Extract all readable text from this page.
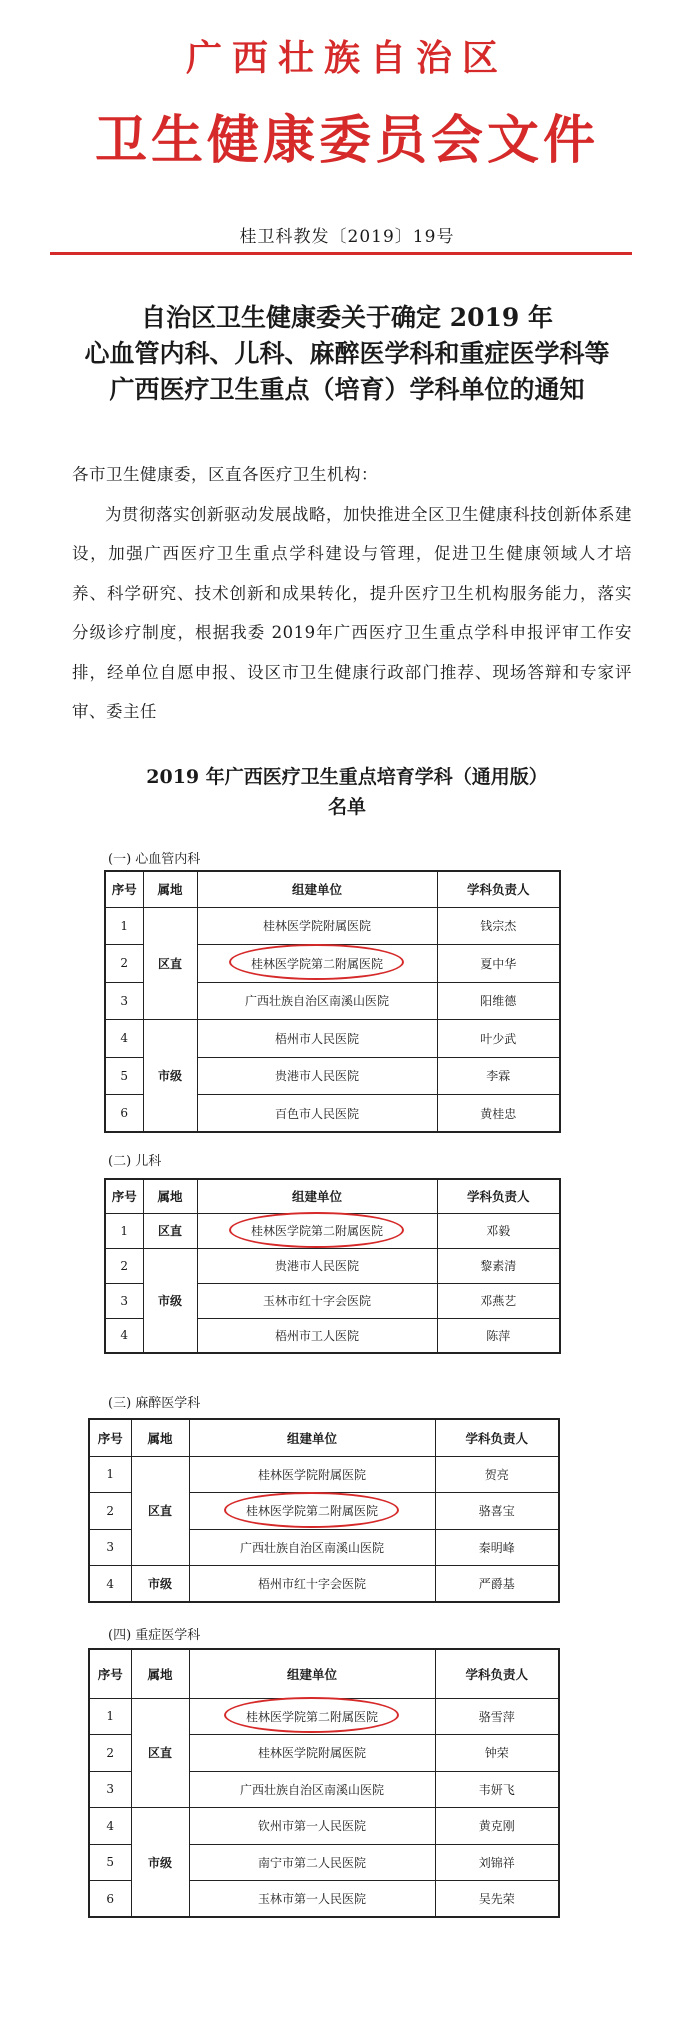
广西壮族自治区
卫生健康委员会文件
桂卫科教发〔2019〕19号
自治区卫生健康委关于确定 2019 年
心血管内科、儿科、麻醉医学科和重症医学科等
广西医疗卫生重点（培育）学科单位的通知

各市卫生健康委，区直各医疗卫生机构：

为贯彻落实创新驱动发展战略，加快推进全区卫生健康科技创新体系建设，加强广西医疗卫生重点学科建设与管理，促进卫生健康领域人才培养、科学研究、技术创新和成果转化，提升医疗卫生机构服务能力，落实分级诊疗制度，根据我委 2019年广西医疗卫生重点学科申报评审工作安排，经单位自愿申报、设区市卫生健康行政部门推荐、现场答辩和专家评审、委主任

2019 年广西医疗卫生重点培育学科（通用版）
名单
(一) 心血管内科
序号	属地	组建单位	学科负责人
1	区直	桂林医学院附属医院	钱宗杰
2		桂林医学院第二附属医院	夏中华
3		广西壮族自治区南溪山医院	阳维德
4	市级	梧州市人民医院	叶少武
5		贵港市人民医院	李霖
6		百色市人民医院	黄桂忠
(二) 儿科
序号	属地	组建单位	学科负责人
1	区直	桂林医学院第二附属医院	邓毅
2	市级	贵港市人民医院	黎素清
3		玉林市红十字会医院	邓燕艺
4		梧州市工人医院	陈萍
(三) 麻醉医学科
序号	属地	组建单位	学科负责人
1	区直	桂林医学院附属医院	贺亮
2		桂林医学院第二附属医院	骆喜宝
3		广西壮族自治区南溪山医院	秦明峰
4	市级	梧州市红十字会医院	严爵基
(四) 重症医学科
序号	属地	组建单位	学科负责人
1	区直	桂林医学院第二附属医院	骆雪萍
2		桂林医学院附属医院	钟荣
3		广西壮族自治区南溪山医院	韦妍飞
4	市级	钦州市第一人民医院	黄克刚
5		南宁市第二人民医院	刘锦祥
6		玉林市第一人民医院	吴先荣
